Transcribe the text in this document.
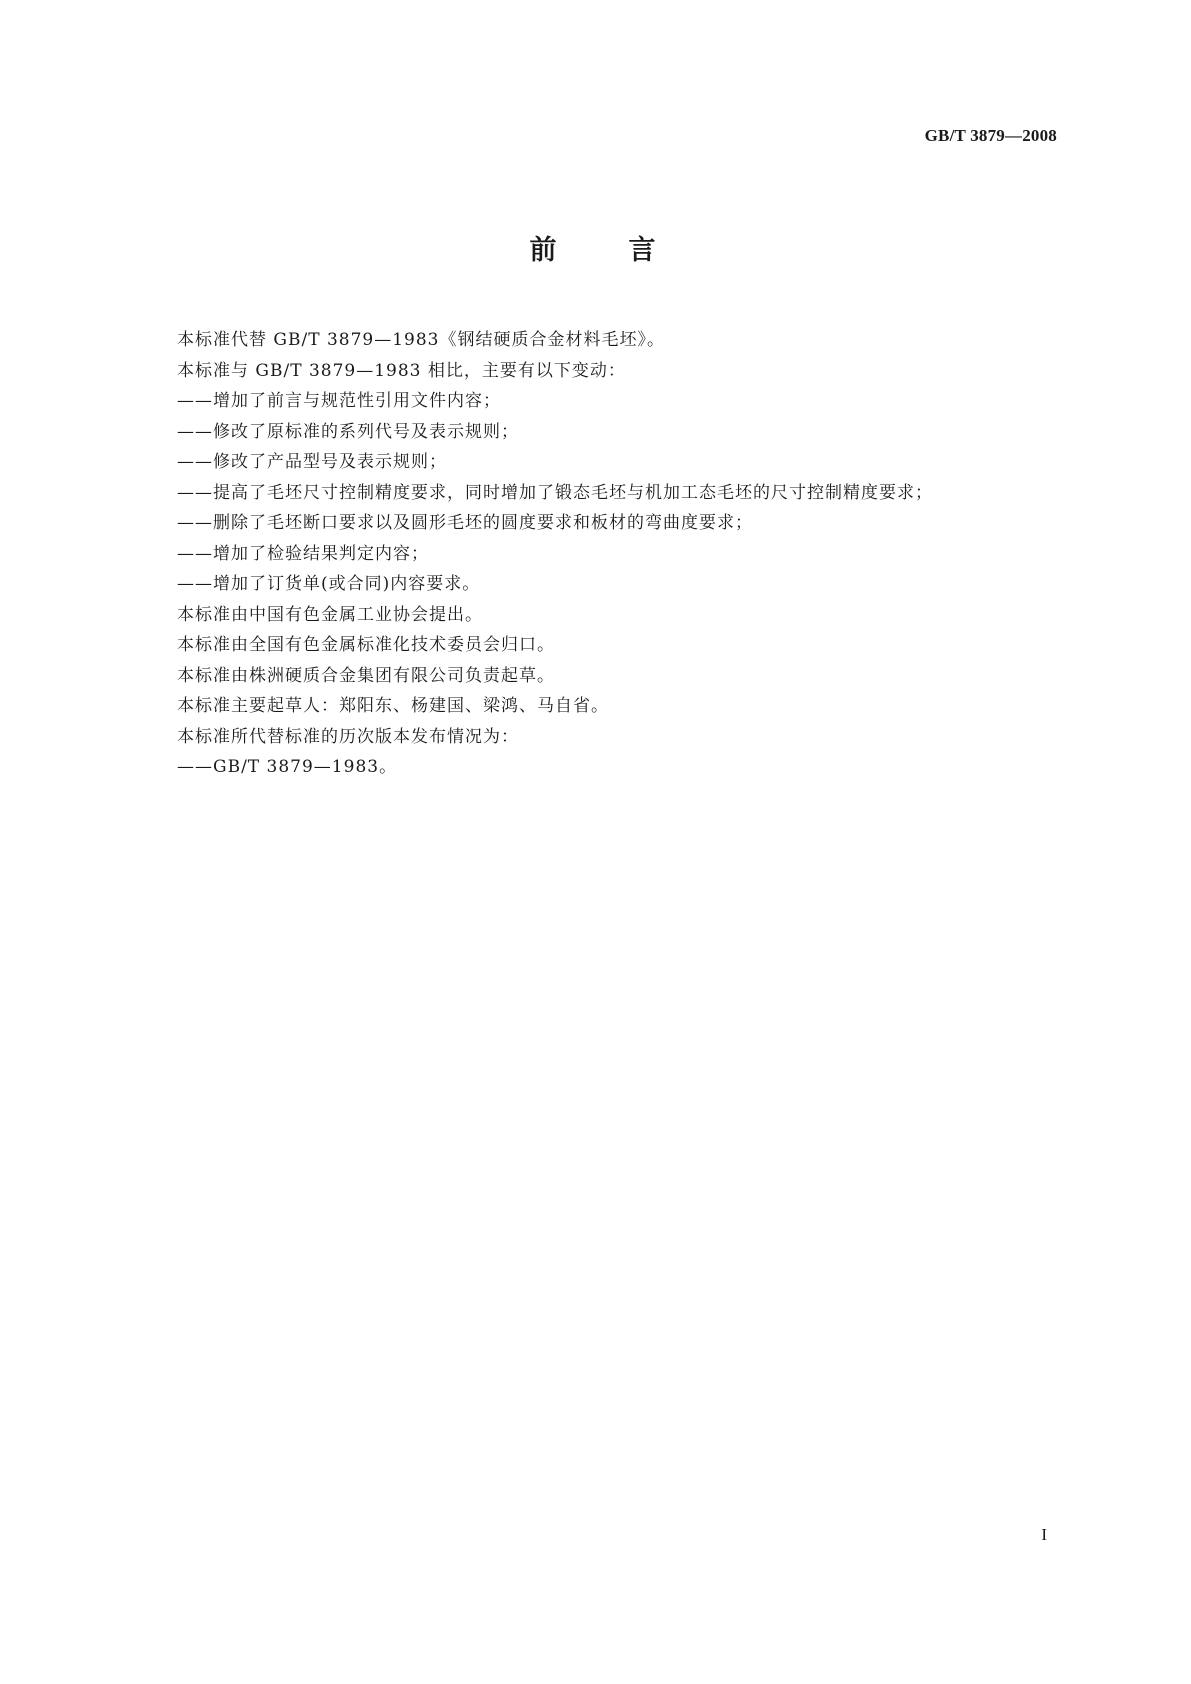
GB/T 3879—2008
前　　言
本标准代替 GB/T 3879—1983《钢结硬质合金材料毛坯》。
本标准与 GB/T 3879—1983 相比，主要有以下变动：
——增加了前言与规范性引用文件内容；
——修改了原标准的系列代号及表示规则；
——修改了产品型号及表示规则；
——提高了毛坯尺寸控制精度要求，同时增加了锻态毛坯与机加工态毛坯的尺寸控制精度要求；
——删除了毛坯断口要求以及圆形毛坯的圆度要求和板材的弯曲度要求；
——增加了检验结果判定内容；
——增加了订货单(或合同)内容要求。
本标准由中国有色金属工业协会提出。
本标准由全国有色金属标准化技术委员会归口。
本标准由株洲硬质合金集团有限公司负责起草。
本标准主要起草人：郑阳东、杨建国、梁鸿、马自省。
本标准所代替标准的历次版本发布情况为：
——GB/T 3879—1983。
I
